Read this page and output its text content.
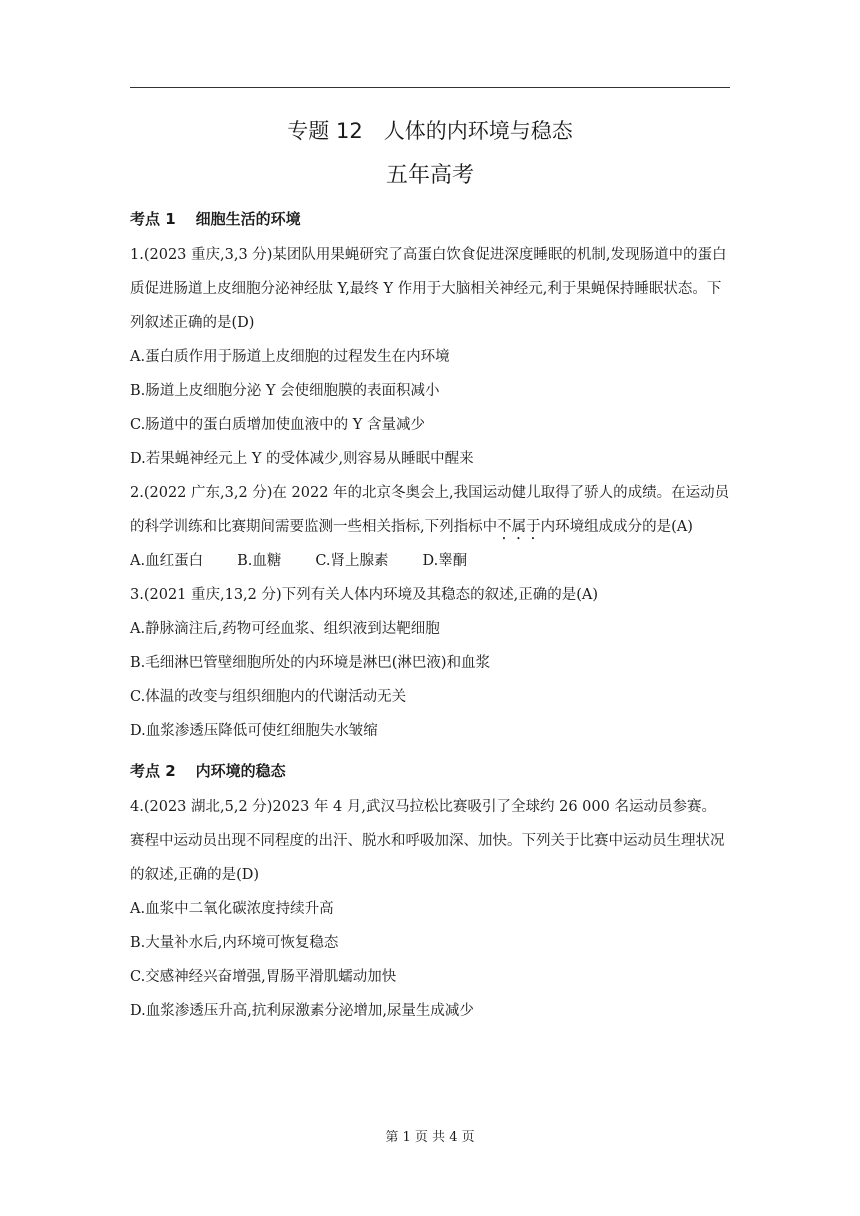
专题 12　人体的内环境与稳态
五年高考
考点 1 细胞生活的环境
1.(2023 重庆,3,3 分)某团队用果蝇研究了高蛋白饮食促进深度睡眠的机制,发现肠道中的蛋白质促进肠道上皮细胞分泌神经肽 Y,最终 Y 作用于大脑相关神经元,利于果蝇保持睡眠状态。下列叙述正确的是(D)
A.蛋白质作用于肠道上皮细胞的过程发生在内环境
B.肠道上皮细胞分泌 Y 会使细胞膜的表面积减小
C.肠道中的蛋白质增加使血液中的 Y 含量减少
D.若果蝇神经元上 Y 的受体减少,则容易从睡眠中醒来
2.(2022 广东,3,2 分)在 2022 年的北京冬奥会上,我国运动健儿取得了骄人的成绩。在运动员的科学训练和比赛期间需要监测一些相关指标,下列指标中不属于内环境组成成分的是(A)
A.血红蛋白 B.血糖 C.肾上腺素 D.睾酮
3.(2021 重庆,13,2 分)下列有关人体内环境及其稳态的叙述,正确的是(A)
A.静脉滴注后,药物可经血浆、组织液到达靶细胞
B.毛细淋巴管壁细胞所处的内环境是淋巴(淋巴液)和血浆
C.体温的改变与组织细胞内的代谢活动无关
D.血浆渗透压降低可使红细胞失水皱缩
考点 2 内环境的稳态
4.(2023 湖北,5,2 分)2023 年 4 月,武汉马拉松比赛吸引了全球约 26 000 名运动员参赛。赛程中运动员出现不同程度的出汗、脱水和呼吸加深、加快。下列关于比赛中运动员生理状况的叙述,正确的是(D)
A.血浆中二氧化碳浓度持续升高
B.大量补水后,内环境可恢复稳态
C.交感神经兴奋增强,胃肠平滑肌蠕动加快
D.血浆渗透压升高,抗利尿激素分泌增加,尿量生成减少
第 1 页 共 4 页
